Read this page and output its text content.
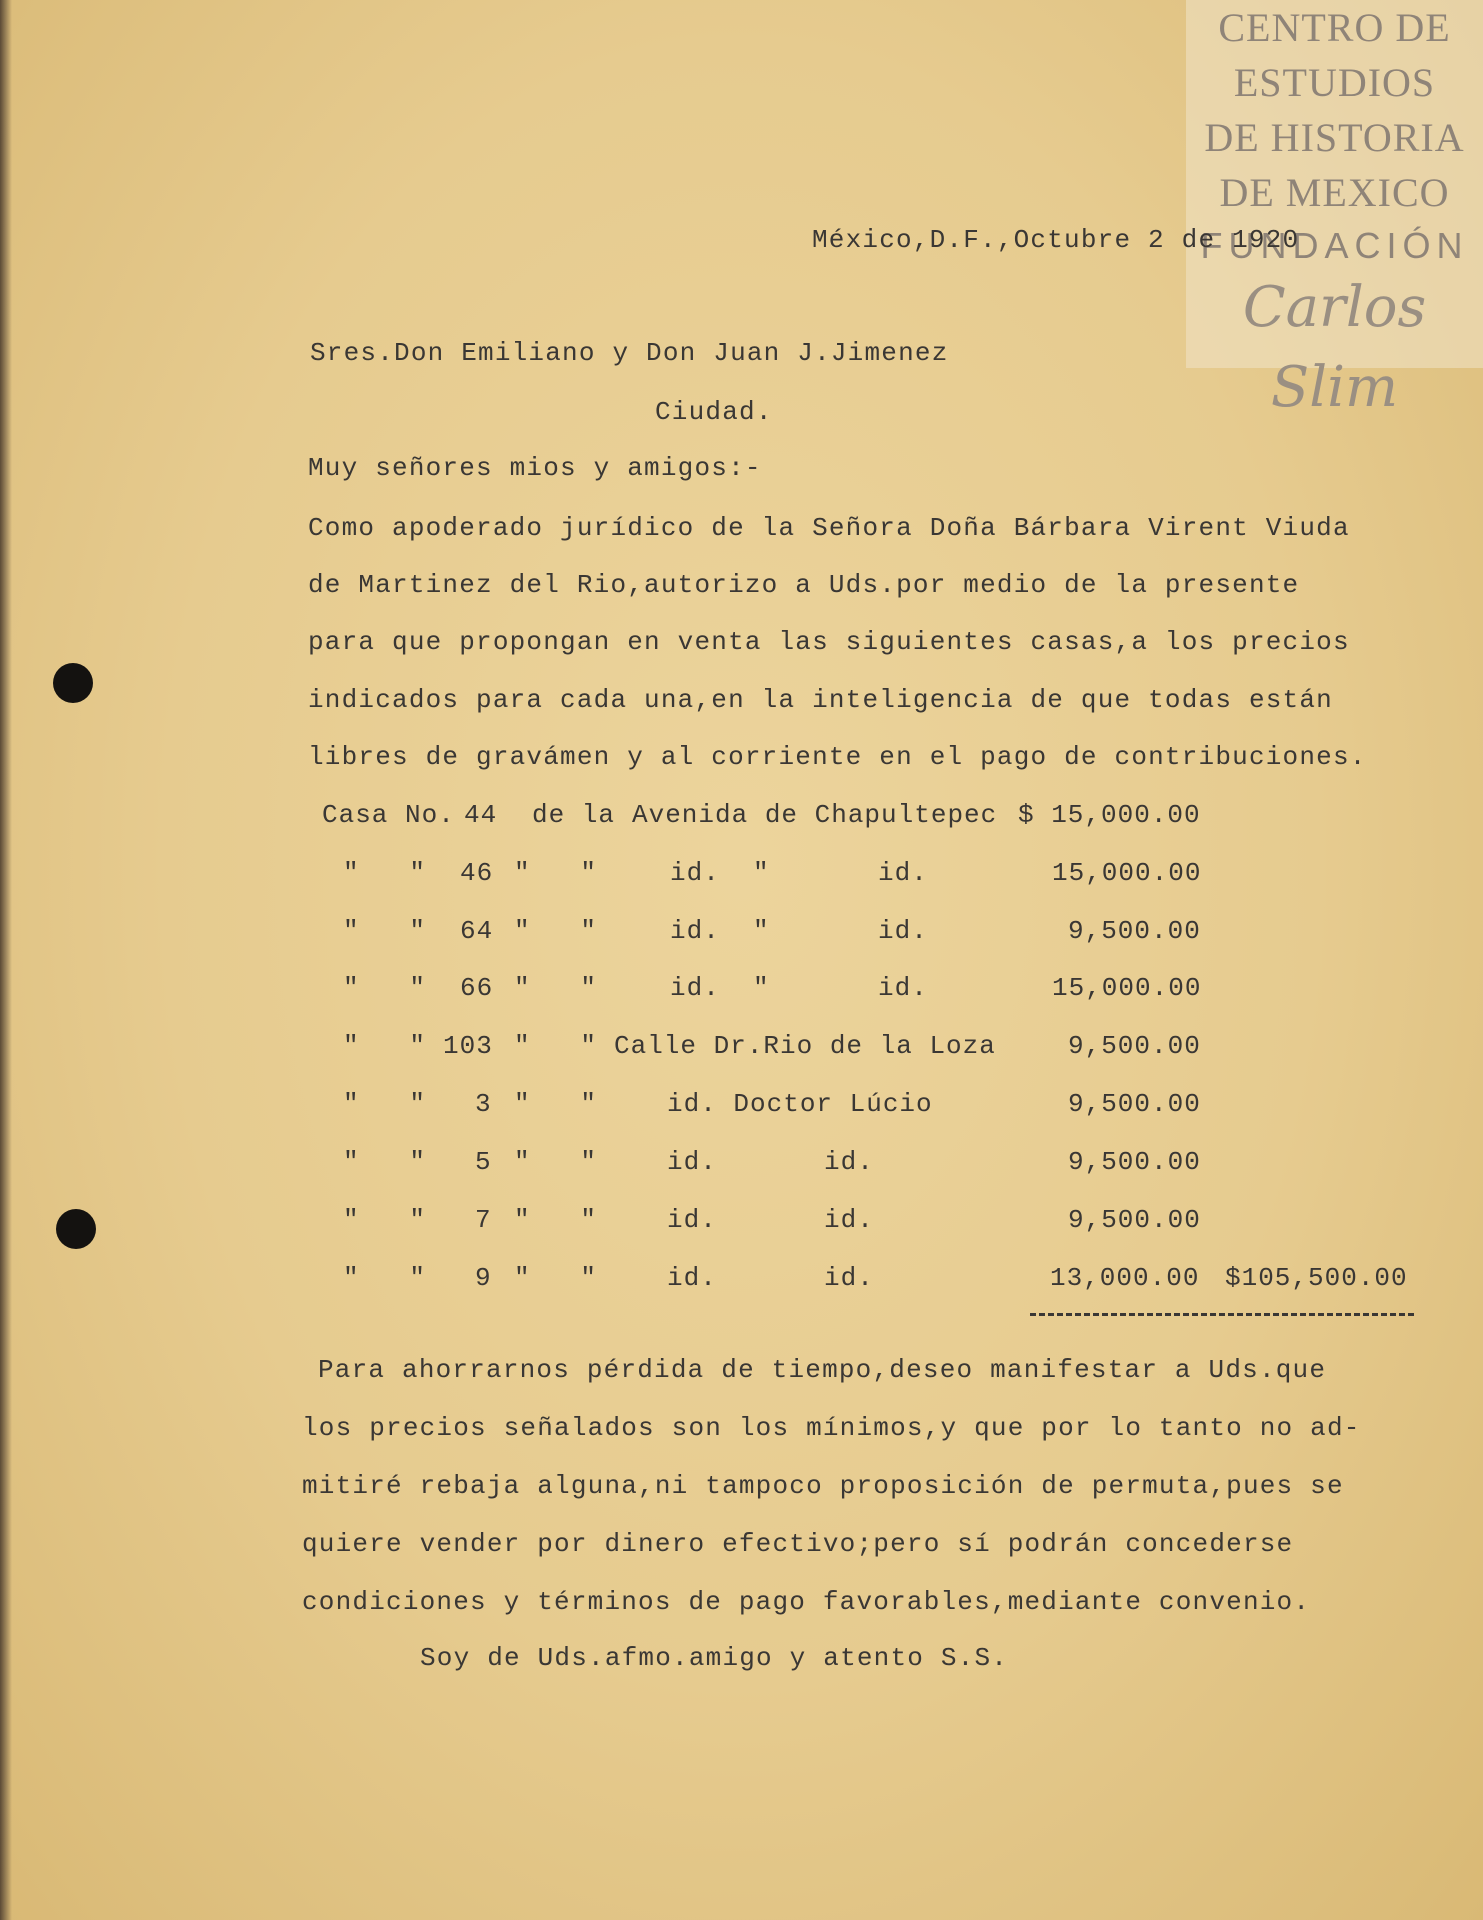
CENTRO DE
ESTUDIOS
DE HISTORIA
DE MEXICO
FUNDACIÓN
Carlos Slim
México,D.F.,Octubre 2 de 1920
Sres.Don Emiliano y Don Juan J.Jimenez
Ciudad.
Muy señores mios y amigos:-
Como apoderado jurídico de la Señora Doña Bárbara Virent Viuda
de Martinez del Rio,autorizo a Uds.por medio de la presente
para que propongan en venta las siguientes casas,a los precios
indicados para cada una,en la inteligencia de que todas están
libres de gravámen y al corriente en el pago de contribuciones.
Casa No. 44 de la Avenida de Chapultepec $ 15,000.00
"   " 46 "   "	id.  "	id.	15,000.00
"   " 64 "   "	id.  "	id.	9,500.00
"   " 66 "   "	id.  "	id.	15,000.00
"   " 103 "   " Calle Dr.Rio de la Loza	9,500.00
"   " 3 "   "	id. Doctor Lúcio	9,500.00
"   " 5 "   "	id.	id.	9,500.00
"   " 7 "   "	id.	id.	9,500.00
"   " 9 "   "	id.	id.	13,000.00 $105,500.00
Para ahorrarnos pérdida de tiempo,deseo manifestar a Uds.que
los precios señalados son los mínimos,y que por lo tanto no ad-
mitiré rebaja alguna,ni tampoco proposición de permuta,pues se
quiere vender por dinero efectivo;pero sí podrán concederse
condiciones y términos de pago favorables,mediante convenio.
Soy de Uds.afmo.amigo y atento S.S.
